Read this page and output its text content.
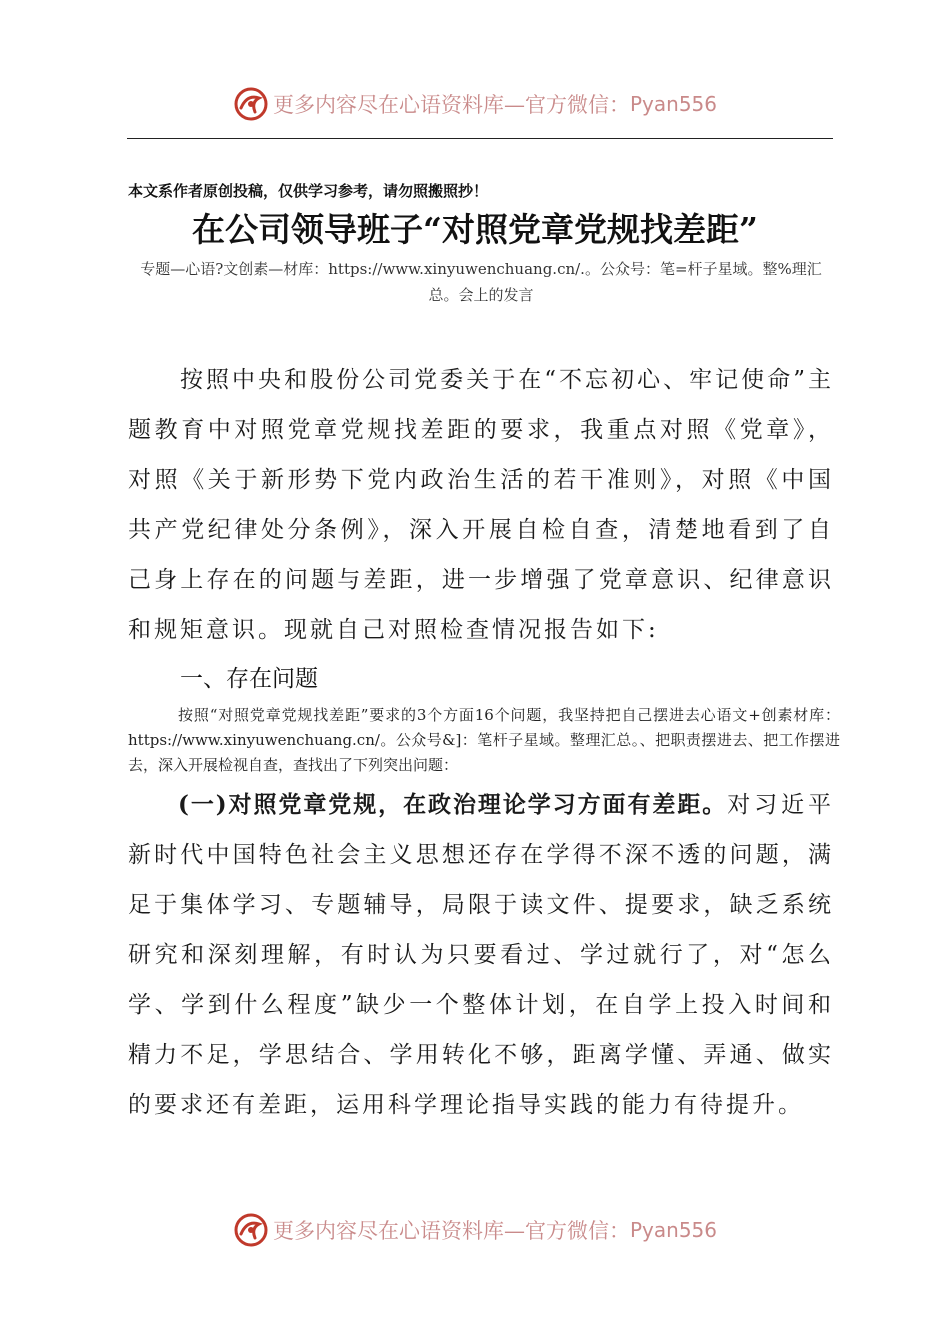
更多内容尽在心语资料库—官方微信： Pyan556
本文系作者原创投稿，仅供学习参考，请勿照搬照抄！
在公司领导班子“对照党章党规找差距”
专题—心语?文创素—材库：https://www.xinyuwenchuang.cn/.。公众号：笔=杆子星域。整%理汇总。会上的发言

按照中央和股份公司党委关于在“不忘初心、牢记使命”主题教育中对照党章党规找差距的要求，我重点对照《党章》，对照《关于新形势下党内政治生活的若干准则》，对照《中国共产党纪律处分条例》，深入开展自检自查，清楚地看到了自己身上存在的问题与差距，进一步增强了党章意识、纪律意识和规矩意识。现就自己对照检查情况报告如下:

一、存在问题

按照“对照党章党规找差距”要求的3个方面16个问题，我坚持把自己摆进去心语文+创素材库：https://www.xinyuwenchuang.cn/。公众号&]：笔杆子星域。整理汇总。、把职责摆进去、把工作摆进去，深入开展检视自查，查找出了下列突出问题：

(一)对照党章党规，在政治理论学习方面有差距。对习近平新时代中国特色社会主义思想还存在学得不深不透的问题，满足于集体学习、专题辅导，局限于读文件、提要求，缺乏系统研究和深刻理解，有时认为只要看过、学过就行了，对“怎么学、学到什么程度”缺少一个整体计划，在自学上投入时间和精力不足，学思结合、学用转化不够，距离学懂、弄通、做实的要求还有差距，运用科学理论指导实践的能力有待提升。

更多内容尽在心语资料库—官方微信： Pyan556
